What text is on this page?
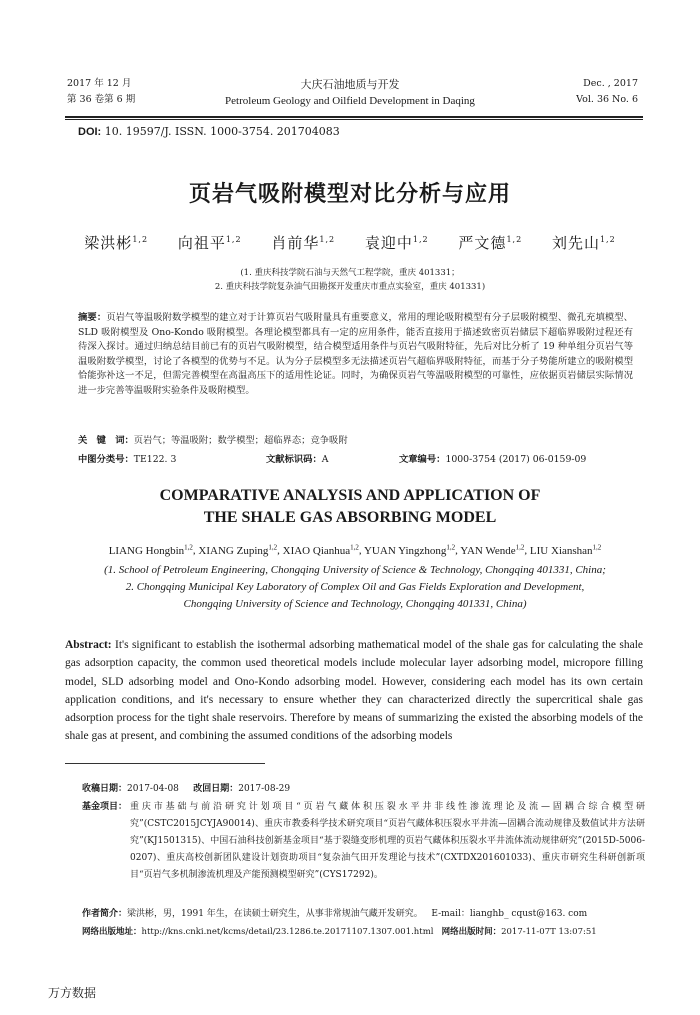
2017 年 12 月
第 36 卷第 6 期
大庆石油地质与开发
Petroleum Geology and Oilfield Development in Daqing
Dec. , 2017
Vol. 36 No. 6
DOI: 10. 19597/J. ISSN. 1000-3754. 201704083
页岩气吸附模型对比分析与应用
梁洪彬$^{1,2}$ 向祖平$^{1,2}$ 肖前华$^{1,2}$ 袁迎中$^{1,2}$ 严文德$^{1,2}$ 刘先山$^{1,2}$
(1. 重庆科技学院石油与天然气工程学院，重庆 401331；
2. 重庆科技学院复杂油气田勘探开发重庆市重点实验室，重庆 401331)
摘要：页岩气等温吸附数学模型的建立对于计算页岩气吸附量具有重要意义，常用的理论吸附模型有分子层吸附模型、微孔充填模型、SLD 吸附模型及 Ono-Kondo 吸附模型。各理论模型都具有一定的应用条件，能否直接用于描述致密页岩储层下超临界吸附过程还有待深入探讨。通过归纳总结目前已有的页岩气吸附模型，结合模型适用条件与页岩气吸附特征，先后对比分析了 19 种单组分页岩气等温吸附数学模型，讨论了各模型的优势与不足。认为分子层模型多无法描述页岩气超临界吸附特征，而基于分子势能所建立的吸附模型恰能弥补这一不足，但需完善模型在高温高压下的适用性论证。同时，为确保页岩气等温吸附模型的可靠性，应依据页岩储层实际情况进一步完善等温吸附实验条件及吸附模型。
关　键　词：页岩气；等温吸附；数学模型；超临界态；竞争吸附
中图分类号：TE122. 3	文献标识码：A	文章编号：1000-3754 (2017) 06-0159-09
COMPARATIVE ANALYSIS AND APPLICATION OF
THE SHALE GAS ABSORBING MODEL
LIANG Hongbin$^{1,2}$, XIANG Zuping$^{1,2}$, XIAO Qianhua$^{1,2}$, YUAN Yingzhong$^{1,2}$, YAN Wende$^{1,2}$, LIU Xianshan$^{1,2}$
(1. School of Petroleum Engineering, Chongqing University of Science & Technology, Chongqing 401331, China;
2. Chongqing Municipal Key Laboratory of Complex Oil and Gas Fields Exploration and Development,
Chongqing University of Science and Technology, Chongqing 401331, China)
Abstract: It's significant to establish the isothermal adsorbing mathematical model of the shale gas for calculating the shale gas adsorption capacity, the common used theoretical models include molecular layer adsorbing model, micropore filling model, SLD adsorbing model and Ono-Kondo adsorbing model. However, considering each model has its own certain application conditions, and it's necessary to ensure whether they can characterized directly the supercritical shale gas adsorption process for the tight shale reservoirs. Therefore by means of summarizing the existed the absorbing models of the shale gas at present, and combining the assumed conditions of the adsorbing models
收稿日期：2017-04-08 改回日期：2017-08-29
基金项目： 重庆市基础与前沿研究计划项目“页岩气藏体积压裂水平井非线性渗流理论及流—固耦合综合模型研究”(CSTC2015JCYJA90014)、重庆市教委科学技术研究项目“页岩气藏体积压裂水平井流—固耦合流动规律及数值试井方法研究”(KJ1501315)、中国石油科技创新基金项目“基于裂缝变形机理的页岩气藏体积压裂水平井流体流动规律研究”(2015D-5006-0207)、重庆高校创新团队建设计划资助项目“复杂油气田开发理论与技术”(CXTDX201601033)、重庆市研究生科研创新项目“页岩气多机制渗流机理及产能预测模型研究”(CYS17292)。
作者简介：梁洪彬，男，1991 年生，在读硕士研究生，从事非常规油气藏开发研究。 E-mail：lianghb_ cqust@163. com
网络出版地址：http://kns.cnki.net/kcms/detail/23.1286.te.20171107.1307.001.html 网络出版时间：2017-11-07T 13:07:51
万方数据
